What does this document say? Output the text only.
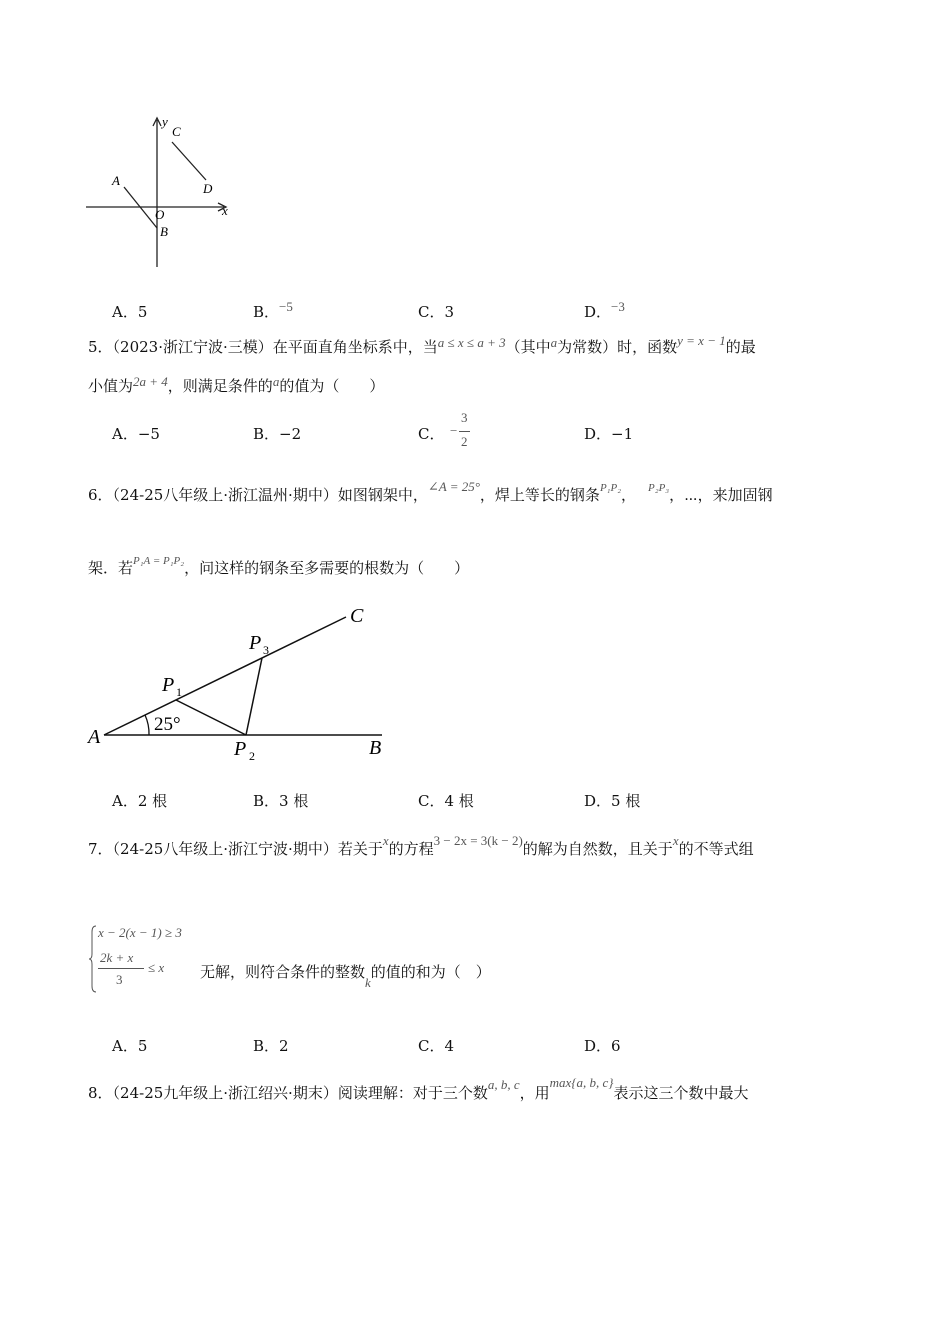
y
C
A
D
O	x
B
A．5	B．−5	C．3	D．−3
5．（2023·浙江宁波·三模）在平面直角坐标系中，当a ≤ x ≤ a + 3（其中a为常数）时，函数y = x − 1的最
小值为2a + 4，则满足条件的a的值为（　　）
A．−5	B．−2	C． −
3
2	D．−1
6．（24-25八年级上·浙江温州·期中）如图钢架中，∠A = 25°，焊上等长的钢条$^{P_1P_2}$， $^{P_2P_3}$，⋯，来加固钢
架．若$^{P_1A = P_1P_2}$，问这样的钢条至多需要的根数为（　　）
25°
A	B
C
P 1
P 2
P 3
A．2 根	B．3 根	C．4 根	D．5 根
7．（24-25八年级上·浙江宁波·期中）若关于x的方程3 − 2x = 3(k − 2)的解为自然数，且关于x的不等式组
x − 2(x − 1) ≥ 3
2k + x
3
≤ x 无解，则符合条件的整数k的值的和为（　）
A．5	B．2	C．4	D．6
8．（24-25九年级上·浙江绍兴·期末）阅读理解：对于三个数a, b, c，用max{a, b, c}表示这三个数中最大
